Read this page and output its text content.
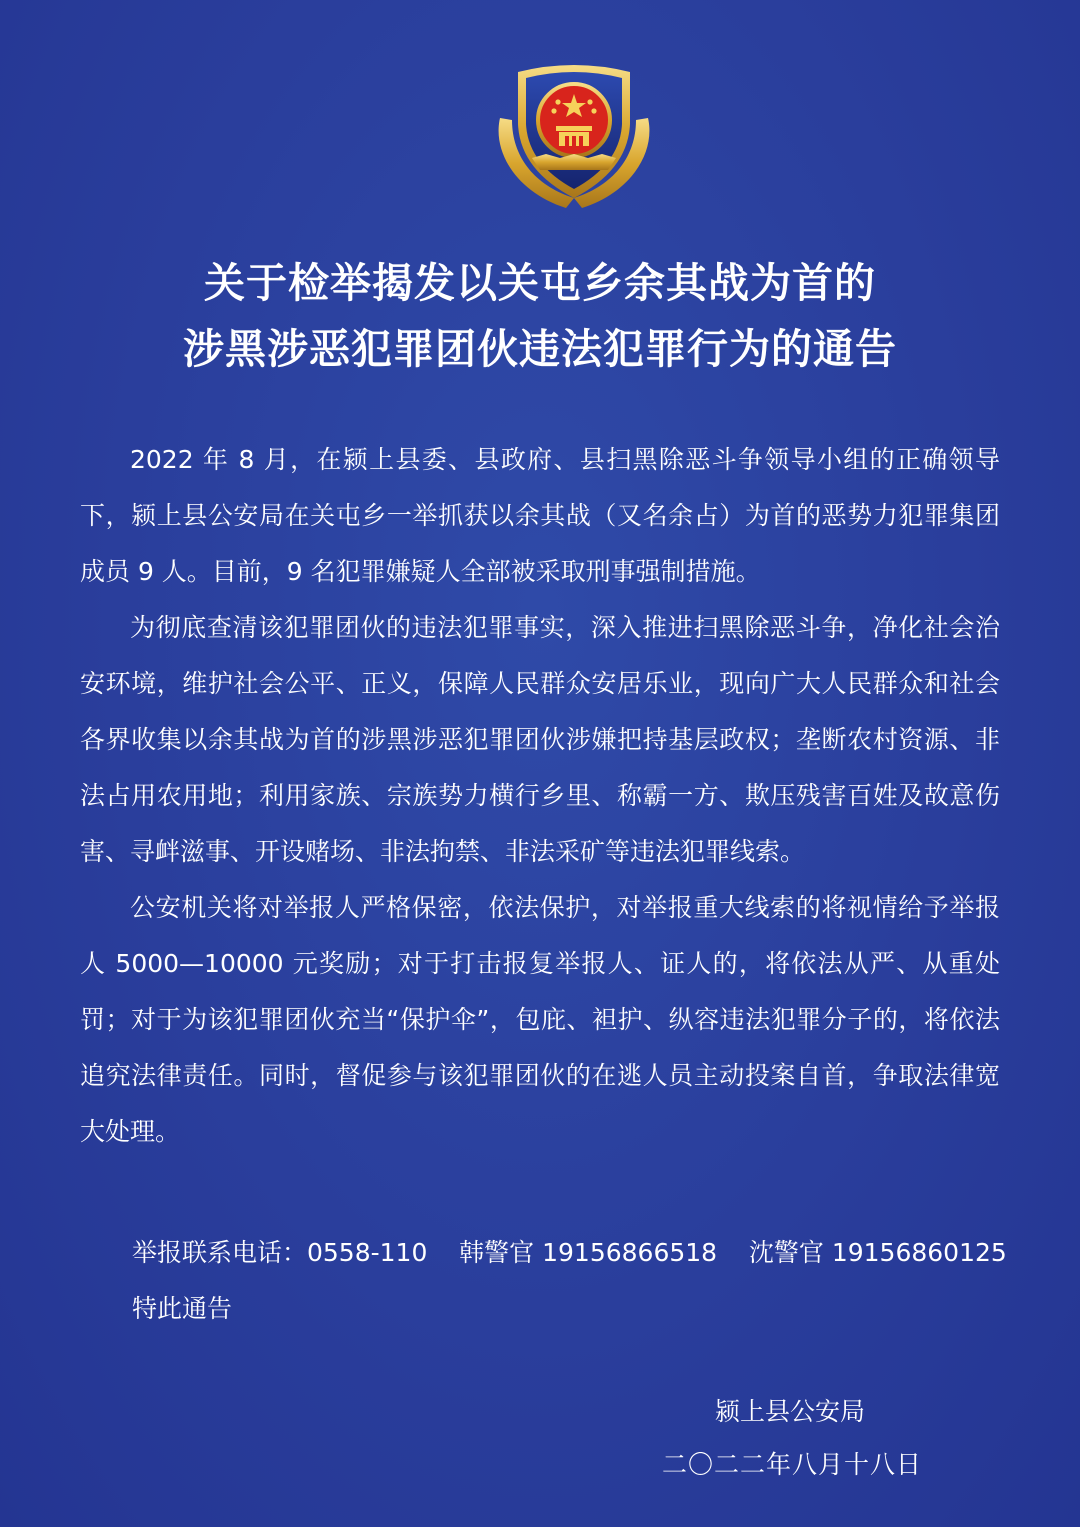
关于检举揭发以关屯乡余其战为首的
涉黑涉恶犯罪团伙违法犯罪行为的通告

2022 年 8 月，在颍上县委、县政府、县扫黑除恶斗争领导小组的正确领导下，颍上县公安局在关屯乡一举抓获以余其战（又名余占）为首的恶势力犯罪集团成员 9 人。目前，9 名犯罪嫌疑人全部被采取刑事强制措施。

为彻底查清该犯罪团伙的违法犯罪事实，深入推进扫黑除恶斗争，净化社会治安环境，维护社会公平、正义，保障人民群众安居乐业，现向广大人民群众和社会各界收集以余其战为首的涉黑涉恶犯罪团伙涉嫌把持基层政权；垄断农村资源、非法占用农用地；利用家族、宗族势力横行乡里、称霸一方、欺压残害百姓及故意伤害、寻衅滋事、开设赌场、非法拘禁、非法采矿等违法犯罪线索。

公安机关将对举报人严格保密，依法保护，对举报重大线索的将视情给予举报人 5000—10000 元奖励；对于打击报复举报人、证人的，将依法从严、从重处罚；对于为该犯罪团伙充当“保护伞”，包庇、袒护、纵容违法犯罪分子的，将依法追究法律责任。同时，督促参与该犯罪团伙的在逃人员主动投案自首，争取法律宽大处理。

举报联系电话：0558-110 韩警官 19156866518 沈警官 19156860125
特此通告
颍上县公安局
二〇二二年八月十八日
